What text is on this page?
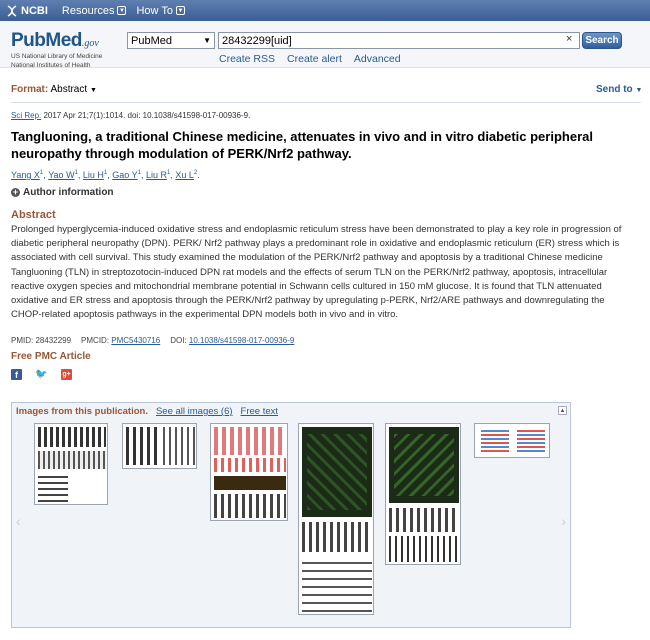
NCBI Resources ▼ How To ▼
PubMed.gov
US National Library of Medicine
National Institutes of Health
PubMed	▼ 28432299[uid]	×	Search
Create RSS Create alert Advanced
Format: Abstract ▼	Send to ▼
Sci Rep. 2017 Apr 21;7(1):1014. doi: 10.1038/s41598-017-00936-9.
Tangluoning, a traditional Chinese medicine, attenuates in vivo and in vitro diabetic peripheral neuropathy through modulation of PERK/Nrf2 pathway.
Yang $X^1$, Yao $W^1$, Liu $H^1$, Gao $Y^1$, Liu $R^1$, Xu $L^2$.
+ Author information
Abstract
Prolonged hyperglycemia-induced oxidative stress and endoplasmic reticulum stress have been demonstrated to play a key role in progression of diabetic peripheral neuropathy (DPN). PERK/ Nrf2 pathway plays a predominant role in oxidative and endoplasmic reticulum (ER) stress which is associated with cell survival. This study examined the modulation of the PERK/Nrf2 pathway and apoptosis by a traditional Chinese medicine Tangluoning (TLN) in streptozotocin-induced DPN rat models and the effects of serum TLN on the PERK/Nrf2 pathway, apoptosis, intracellular reactive oxygen species and mitochondrial membrane potential in Schwann cells cultured in 150 mM glucose. It is found that TLN attenuated oxidative and ER stress and apoptosis through the PERK/Nrf2 pathway by upregulating p-PERK, Nrf2/ARE pathways and downregulating the CHOP-related apoptosis pathways in the experimental DPN models both in vivo and in vitro.
PMID: 28432299 PMCID: PMC5430716 DOI: 10.1038/s41598-017-00936-9
Free PMC Article
f	🐦 g+
Images from this publication. See all images (6) Free text	▲
‹	›
